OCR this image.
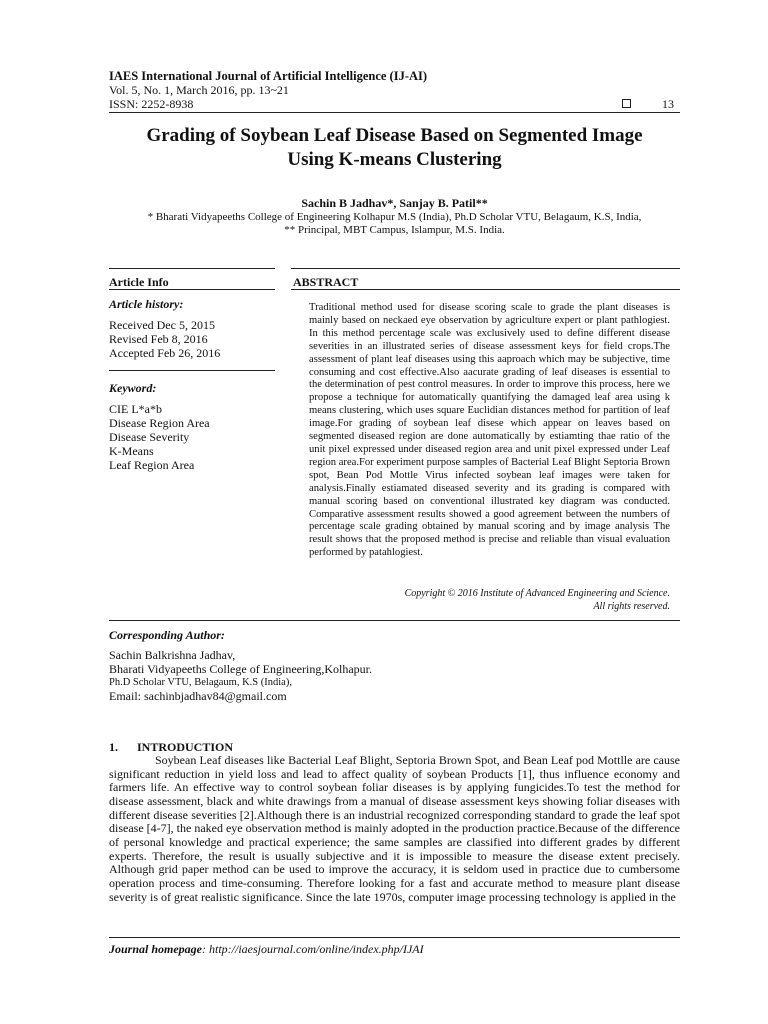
IAES International Journal of Artificial Intelligence (IJ-AI)
Vol. 5, No. 1, March 2016, pp. 13~21
ISSN: 2252-8938	13
Grading of Soybean Leaf Disease Based on Segmented Image
Using K-means Clustering
Sachin B Jadhav*, Sanjay B. Patil**
* Bharati Vidyapeeths College of Engineering Kolhapur M.S (India), Ph.D Scholar VTU, Belagaum, K.S, India,
** Principal, MBT Campus, Islampur, M.S. India.
Article Info	ABSTRACT
Article history:
Received Dec 5, 2015
Revised Feb 8, 2016
Accepted Feb 26, 2016
Keyword:
CIE L*a*b
Disease Region Area
Disease Severity
K-Means
Leaf Region Area
Traditional method used for disease scoring scale to grade the plant diseases is mainly based on neckaed eye observation by agriculture expert or plant pathlogiest. In this method percentage scale was exclusively used to define different disease severities in an illustrated series of disease assessment keys for field crops.The assessment of plant leaf diseases using this aaproach which may be subjective, time consuming and cost effective.Also aacurate grading of leaf diseases is essential to the determination of pest control measures. In order to improve this process, here we propose a technique for automatically quantifying the damaged leaf area using k means clustering, which uses square Euclidian distances method for partition of leaf image.For grading of soybean leaf disese which appear on leaves based on segmented diseased region are done automatically by estiamting thae ratio of the unit pixel expressed under diseased region area and unit pixel expressed under Leaf region area.For experiment purpose samples of Bacterial Leaf Blight Septoria Brown spot, Bean Pod Mottle Virus infected soybean leaf images were taken for analysis.Finally estiamated diseased severity and its grading is compared with manual scoring based on conventional illustrated key diagram was conducted. Comparative assessment results showed a good agreement between the numbers of percentage scale grading obtained by manual scoring and by image analysis The result shows that the proposed method is precise and reliable than visual evaluation performed by patahlogiest.
Copyright © 2016 Institute of Advanced Engineering and Science.
All rights reserved.
Corresponding Author:
Sachin Balkrishna Jadhav,
Bharati Vidyapeeths College of Engineering,Kolhapur.
Ph.D Scholar VTU, Belagaum, K.S (India),
Email: sachinbjadhav84@gmail.com
1. INTRODUCTION
Soybean Leaf diseases like Bacterial Leaf Blight, Septoria Brown Spot, and Bean Leaf pod Mottlle are cause significant reduction in yield loss and lead to affect quality of soybean Products [1], thus influence economy and farmers life. An effective way to control soybean foliar diseases is by applying fungicides.To test the method for disease assessment, black and white drawings from a manual of disease assessment keys showing foliar diseases with different disease severities [2].Although there is an industrial recognized corresponding standard to grade the leaf spot disease [4-7], the naked eye observation method is mainly adopted in the production practice.Because of the difference of personal knowledge and practical experience; the same samples are classified into different grades by different experts. Therefore, the result is usually subjective and it is impossible to measure the disease extent precisely. Although grid paper method can be used to improve the accuracy, it is seldom used in practice due to cumbersome operation process and time-consuming. Therefore looking for a fast and accurate method to measure plant disease severity is of great realistic significance. Since the late 1970s, computer image processing technology is applied in the
Journal homepage: http://iaesjournal.com/online/index.php/IJAI
